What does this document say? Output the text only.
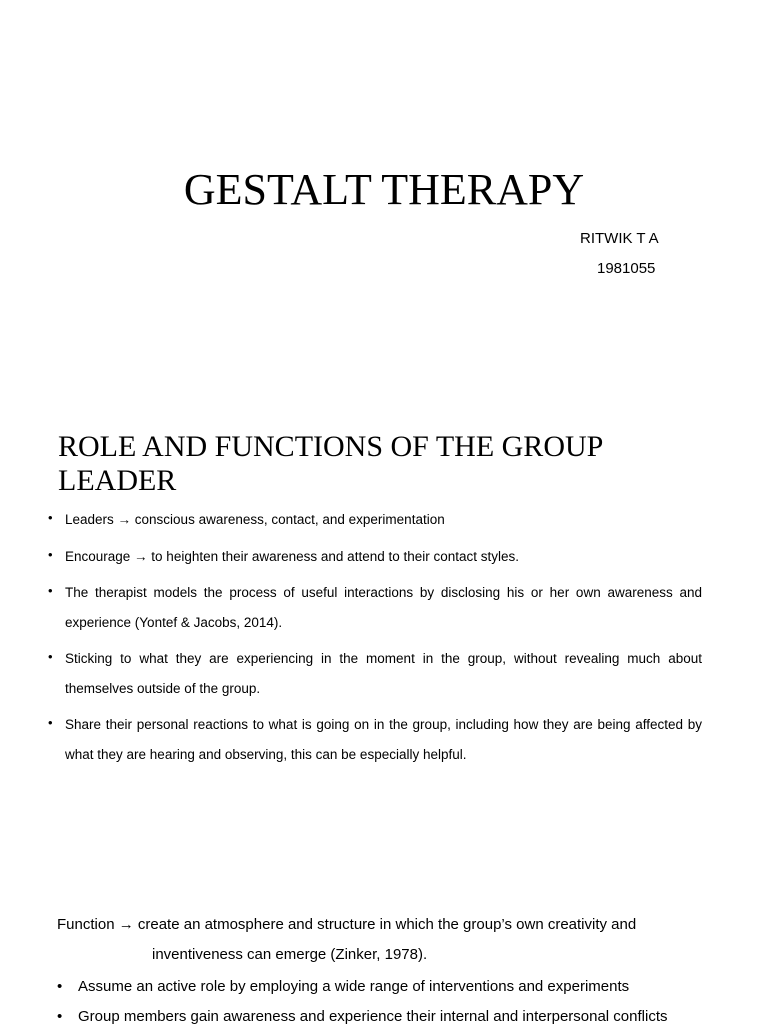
GESTALT THERAPY
RITWIK T A
1981055
ROLE AND FUNCTIONS OF THE GROUP LEADER
• Leaders → conscious awareness, contact, and experimentation
• Encourage → to heighten their awareness and attend to their contact styles.
• The therapist models the process of useful interactions by disclosing his or her own awareness and experience (Yontef & Jacobs, 2014).
• Sticking to what they are experiencing in the moment in the group, without revealing much about themselves outside of the group.
• Share their personal reactions to what is going on in the group, including how they are being affected by what they are hearing and observing, this can be especially helpful.
Function → create an atmosphere and structure in which the group’s own creativity and
inventiveness can emerge (Zinker, 1978).
• Assume an active role by employing a wide range of interventions and experiments
• Group members gain awareness and experience their internal and interpersonal conflicts
